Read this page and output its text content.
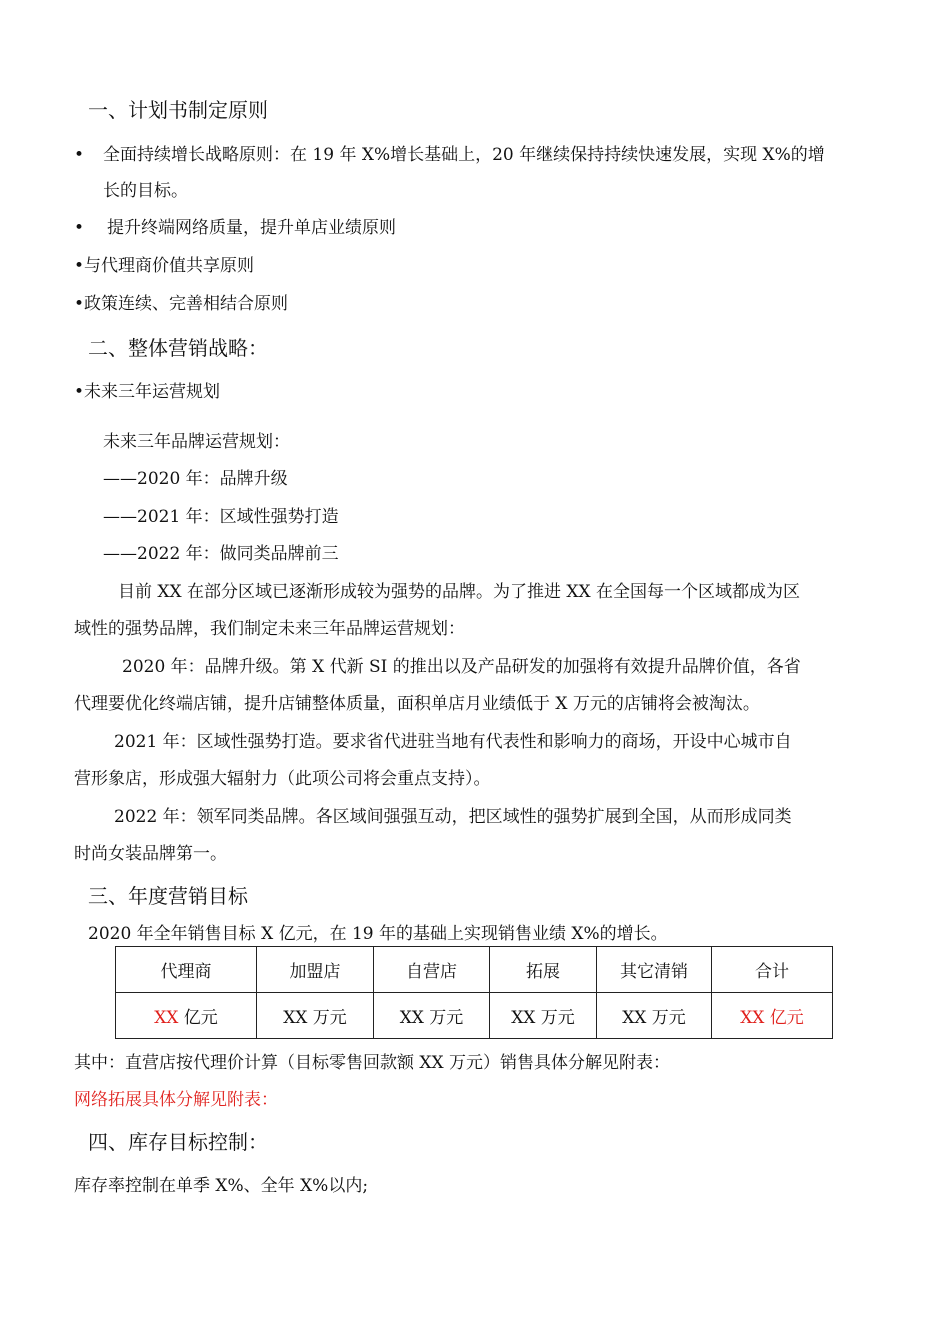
一、计划书制定原则
• 全面持续增长战略原则：在 19 年 X%增长基础上，20 年继续保持持续快速发展，实现 X%的增
长的目标。
• 提升终端网络质量，提升单店业绩原则
•与代理商价值共享原则
•政策连续、完善相结合原则
二、整体营销战略：
•未来三年运营规划
未来三年品牌运营规划：
——2020 年：品牌升级
——2021 年：区域性强势打造
——2022 年：做同类品牌前三
目前 XX 在部分区域已逐渐形成较为强势的品牌。为了推进 XX 在全国每一个区域都成为区
域性的强势品牌，我们制定未来三年品牌运营规划：
2020 年：品牌升级。第 X 代新 SI 的推出以及产品研发的加强将有效提升品牌价值，各省
代理要优化终端店铺，提升店铺整体质量，面积单店月业绩低于 X 万元的店铺将会被淘汰。
2021 年：区域性强势打造。要求省代进驻当地有代表性和影响力的商场，开设中心城市自
营形象店，形成强大辐射力（此项公司将会重点支持）。
2022 年：领军同类品牌。各区域间强强互动，把区域性的强势扩展到全国，从而形成同类
时尚女装品牌第一。
三、年度营销目标
2020 年全年销售目标 X 亿元，在 19 年的基础上实现销售业绩 X%的增长。
代理商	加盟店	自营店	拓展	其它清销	合计
XX 亿元	XX 万元	XX 万元	XX 万元	XX 万元	XX 亿元
其中：直营店按代理价计算（目标零售回款额 XX 万元）销售具体分解见附表：
网络拓展具体分解见附表：
四、库存目标控制：
库存率控制在单季 X%、全年 X%以内;
